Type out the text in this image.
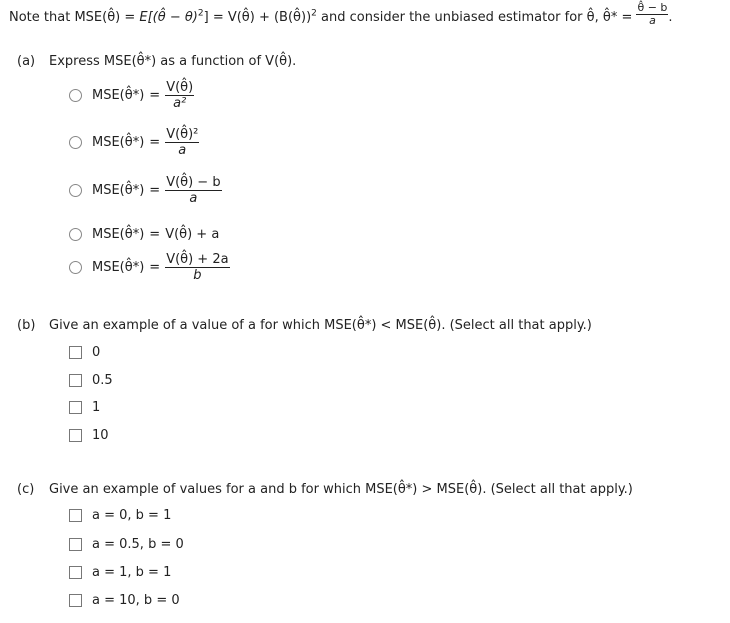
Note that MSE(θ̂) = E[(θ̂ − θ)$^2$] = V(θ̂) + (B(θ̂))$^2$ and consider the unbiased estimator for θ̂, θ̂* = $\frac{\thetâ - b}{a}$ .
(a) Express MSE(θ̂*) as a function of V(θ̂).
MSE(θ̂*) = $\frac{V(\thetâ)}{\text{a²}}$
MSE(θ̂*) = $\frac{\text{V(θ̂)²}}{a}$
MSE(θ̂*) = $\frac{V(\thetâ) - b}{a}$
MSE(θ̂*) = V(θ̂) + a
MSE(θ̂*) = $\frac{V(\thetâ) + 2a}{b}$
(b) Give an example of a value of a for which MSE(θ̂*) < MSE(θ̂). (Select all that apply.)
0
0.5
1
10
(c) Give an example of values for a and b for which MSE(θ̂*) > MSE(θ̂). (Select all that apply.)
a = 0, b = 1
a = 0.5, b = 0
a = 1, b = 1
a = 10, b = 0
